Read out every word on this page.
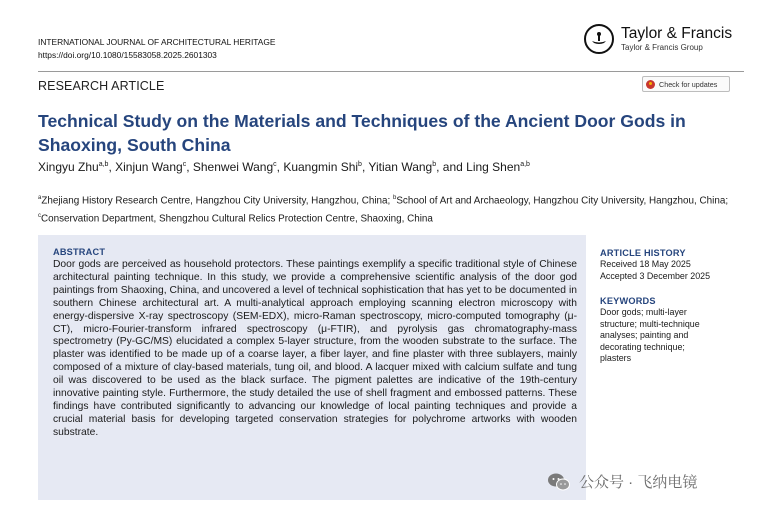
INTERNATIONAL JOURNAL OF ARCHITECTURAL HERITAGE
https://doi.org/10.1080/15583058.2025.2601303
Taylor & Francis
Taylor & Francis Group
RESEARCH ARTICLE	Check for updates
Technical Study on the Materials and Techniques of the Ancient Door Gods in Shaoxing, South China
Xingyu Zhu$^{a,b}$, Xinjun Wang$^c$, Shenwei Wang$^c$, Kuangmin Shi$^b$, Yitian Wang$^b$, and Ling Shen$^{a,b}$
$^a$Zhejiang History Research Centre, Hangzhou City University, Hangzhou, China; $^b$School of Art and Archaeology, Hangzhou City University, Hangzhou, China; $^c$Conservation Department, Shengzhou Cultural Relics Protection Centre, Shaoxing, China
ABSTRACT
Door gods are perceived as household protectors. These paintings exemplify a specific traditional style of Chinese architectural painting technique. In this study, we provide a comprehensive scientific analysis of the door god paintings from Shaoxing, China, and uncovered a level of technical sophistication that has yet to be documented in southern Chinese architectural art. A multi-analytical approach employing scanning electron microscopy with energy-dispersive X-ray spectroscopy (SEM-EDX), micro-Raman spectroscopy, micro-computed tomography (μ-CT), micro-Fourier-transform infrared spectroscopy (μ-FTIR), and pyrolysis gas chromatography-mass spectrometry (Py-GC/MS) elucidated a complex 5-layer structure, from the wooden substrate to the surface. The plaster was identified to be made up of a coarse layer, a fiber layer, and fine plaster with three sublayers, mainly composed of a mixture of clay-based materials, tung oil, and blood. A lacquer mixed with calcium sulfate and tung oil was discovered to be used as the black surface. The pigment palettes are indicative of the 19th-century innovative painting style. Furthermore, the study detailed the use of shell fragment and embossed patterns. These findings have contributed significantly to advancing our knowledge of local painting techniques and provide a crucial material basis for developing targeted conservation strategies for polychrome artworks with wooden substrate.
ARTICLE HISTORY
Received 18 May 2025
Accepted 3 December 2025
KEYWORDS
Door gods; multi-layer structure; multi-technique analyses; painting and decorating technique; plasters
公众号 · 飞纳电镜
